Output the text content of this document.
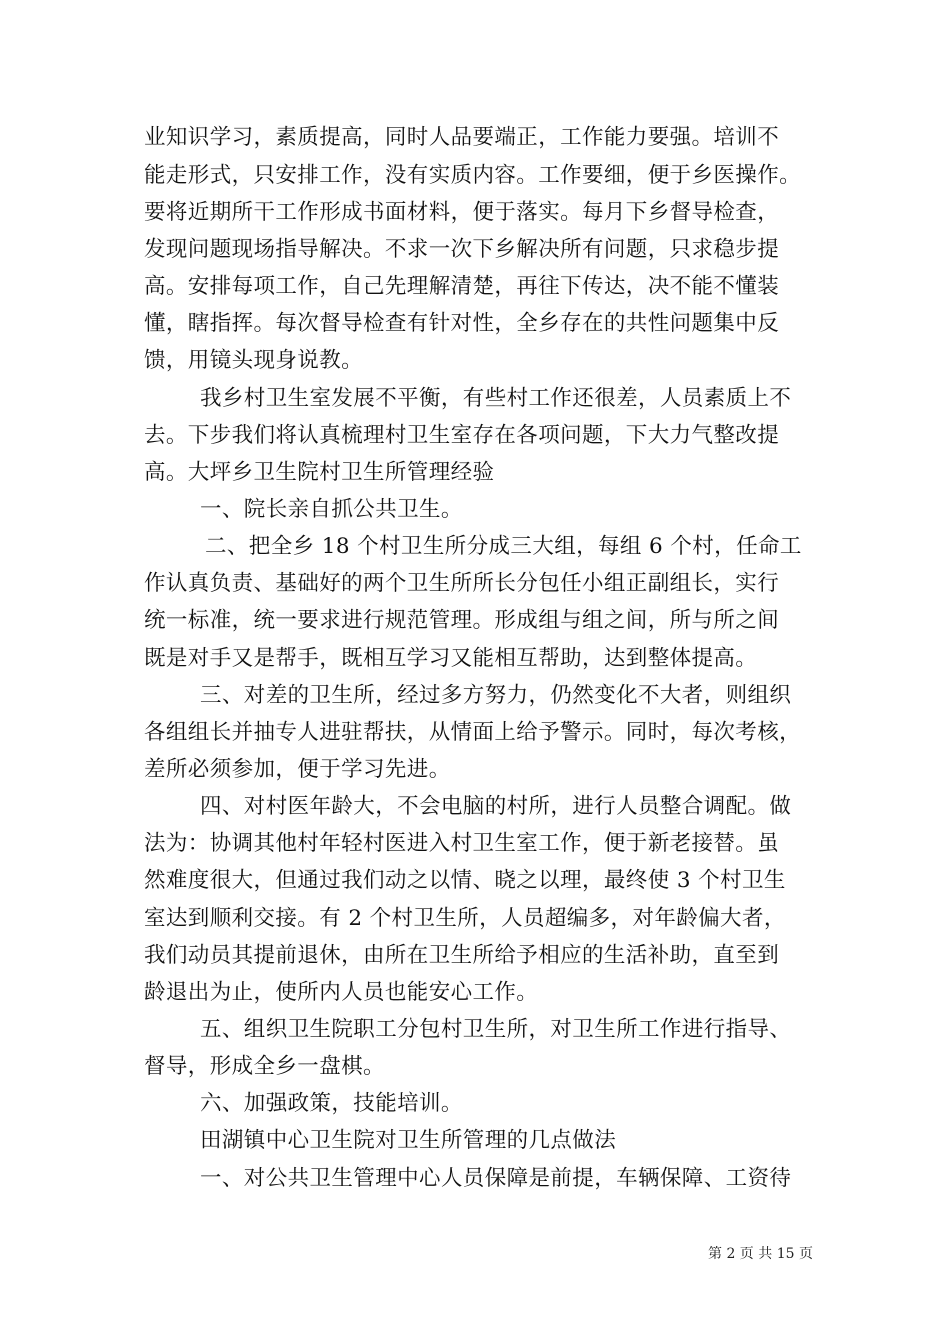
业知识学习，素质提高，同时人品要端正，工作能力要强。培训不
能走形式，只安排工作，没有实质内容。工作要细，便于乡医操作。
要将近期所干工作形成书面材料，便于落实。每月下乡督导检查，
发现问题现场指导解决。不求一次下乡解决所有问题，只求稳步提
高。安排每项工作，自己先理解清楚，再往下传达，决不能不懂装
懂，瞎指挥。每次督导检查有针对性，全乡存在的共性问题集中反
馈，用镜头现身说教。
我乡村卫生室发展不平衡，有些村工作还很差，人员素质上不
去。下步我们将认真梳理村卫生室存在各项问题，下大力气整改提
高。大坪乡卫生院村卫生所管理经验
一、院长亲自抓公共卫生。
二、把全乡 18 个村卫生所分成三大组，每组 6 个村，任命工
作认真负责、基础好的两个卫生所所长分包任小组正副组长，实行
统一标准，统一要求进行规范管理。形成组与组之间，所与所之间
既是对手又是帮手，既相互学习又能相互帮助，达到整体提高。
三、对差的卫生所，经过多方努力，仍然变化不大者，则组织
各组组长并抽专人进驻帮扶，从情面上给予警示。同时，每次考核，
差所必须参加，便于学习先进。
四、对村医年龄大，不会电脑的村所，进行人员整合调配。做
法为：协调其他村年轻村医进入村卫生室工作，便于新老接替。虽
然难度很大，但通过我们动之以情、晓之以理，最终使 3 个村卫生
室达到顺利交接。有 2 个村卫生所，人员超编多，对年龄偏大者，
我们动员其提前退休，由所在卫生所给予相应的生活补助，直至到
龄退出为止，使所内人员也能安心工作。
五、组织卫生院职工分包村卫生所，对卫生所工作进行指导、
督导，形成全乡一盘棋。
六、加强政策，技能培训。
田湖镇中心卫生院对卫生所管理的几点做法
一、对公共卫生管理中心人员保障是前提，车辆保障、工资待
第 2 页 共 15 页
